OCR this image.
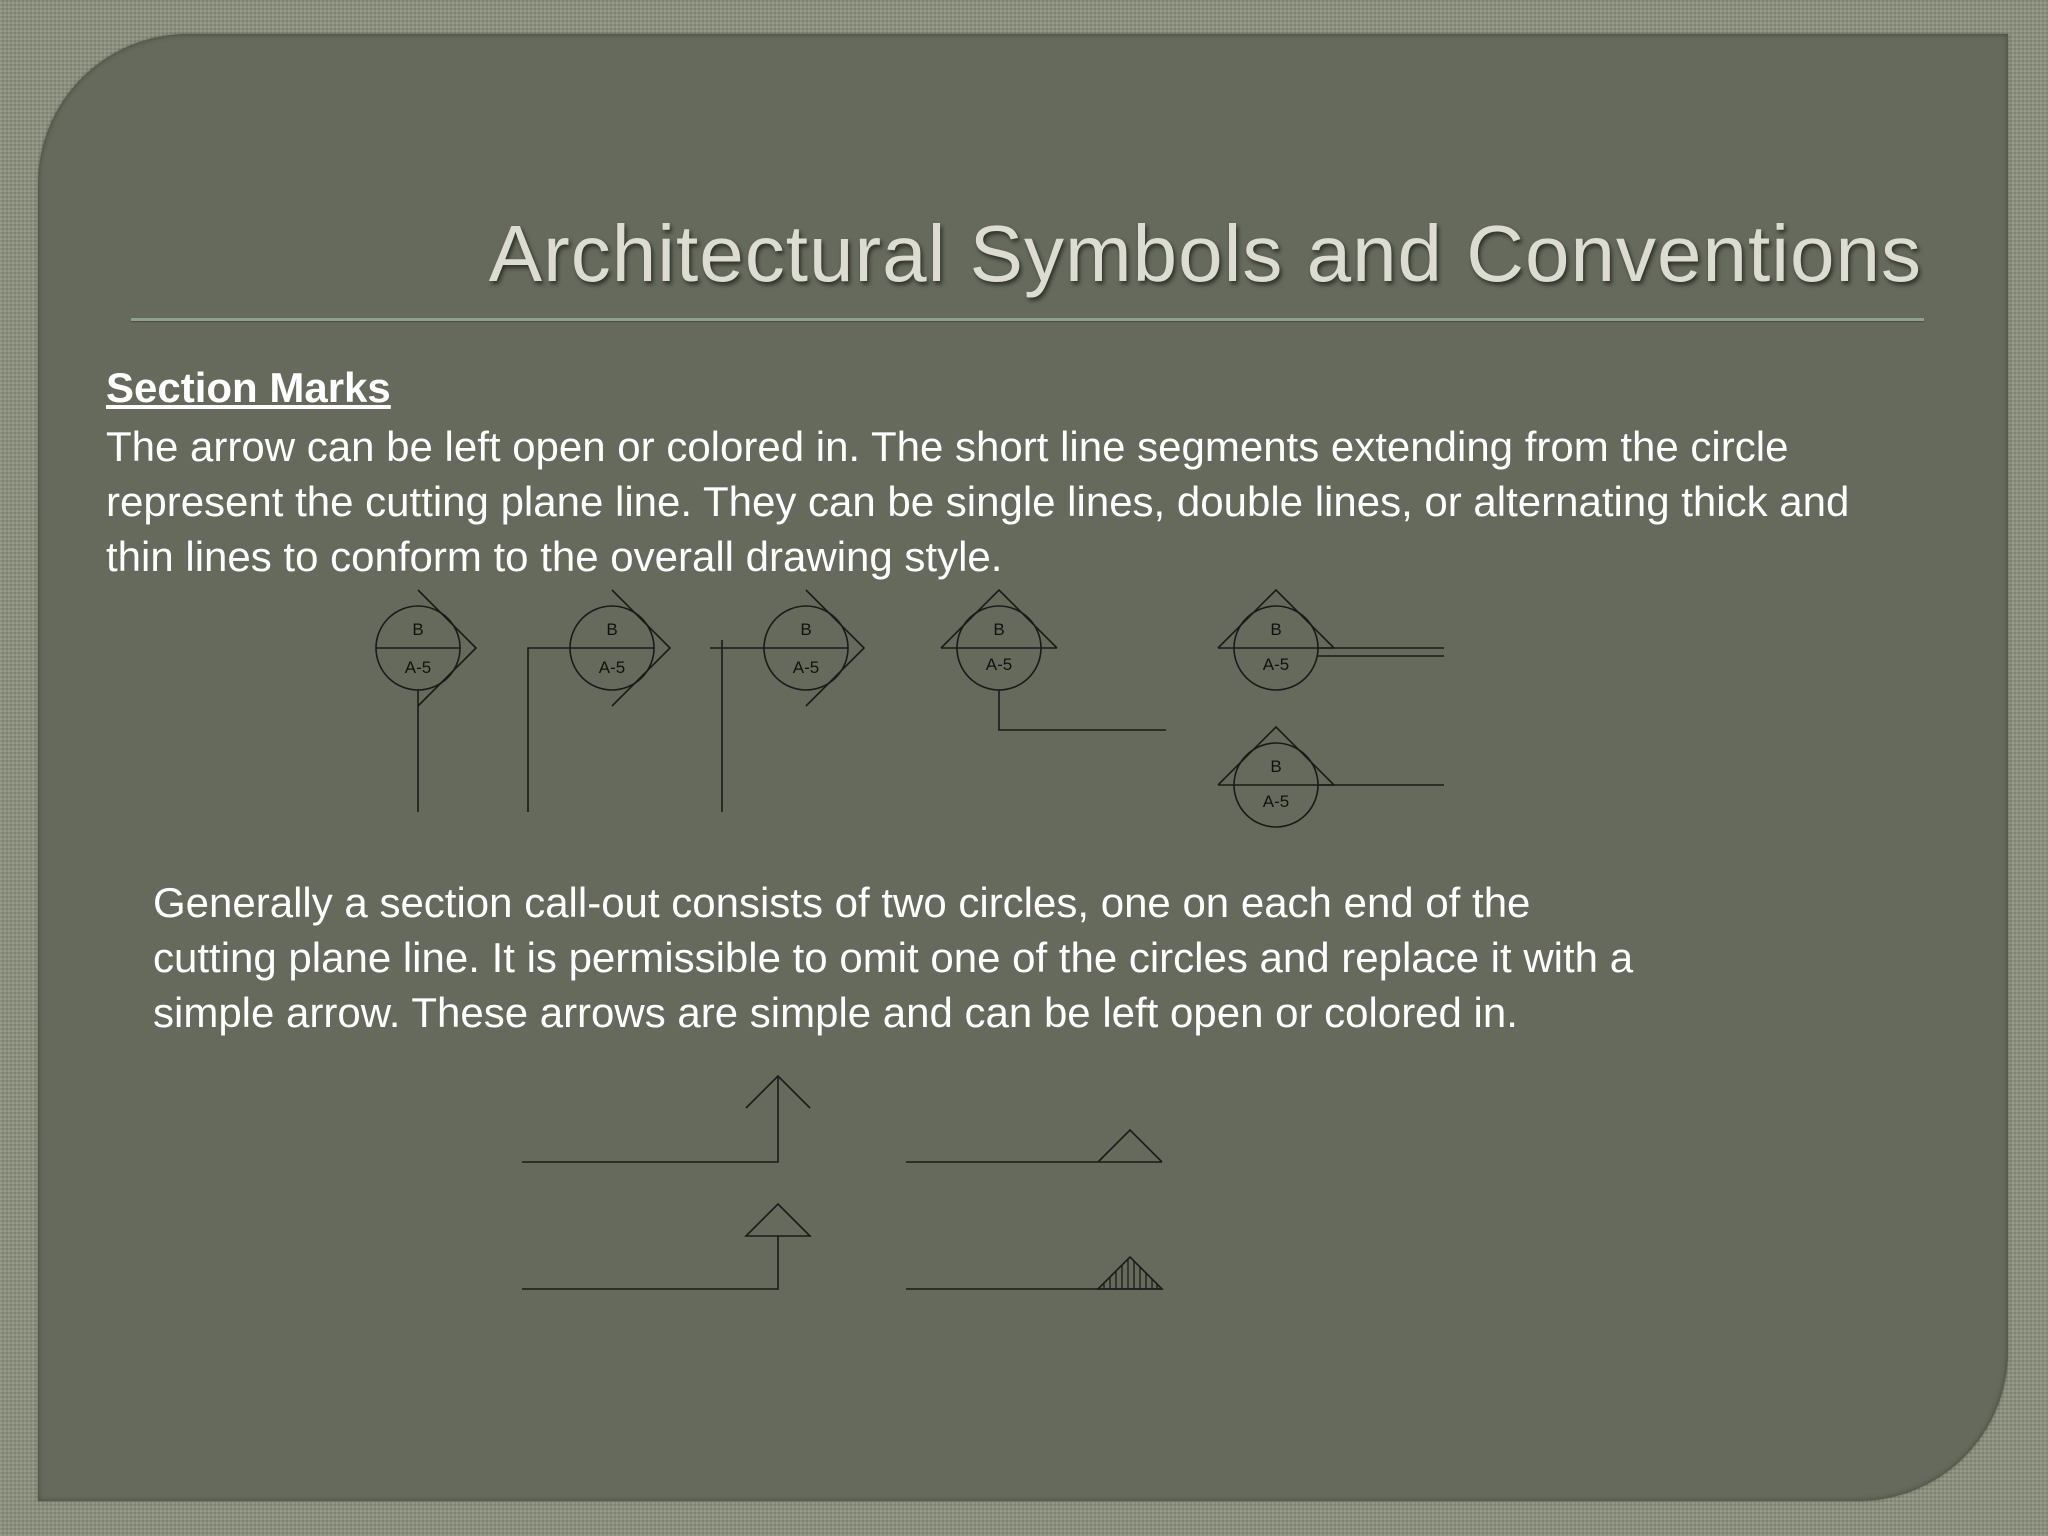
Architectural Symbols and Conventions

Section Marks

The arrow can be left open or colored in. The short line segments extending from the circle represent the cutting plane line. They can be single lines, double lines, or alternating thick and thin lines to conform to the overall drawing style.

B
A-5
B
A-5
B
A-5
B
A-5
B
A-5
B
A-5

Generally a section call-out consists of two circles, one on each end of the cutting plane line. It is permissible to omit one of the circles and replace it with a simple arrow. These arrows are simple and can be left open or colored in.
